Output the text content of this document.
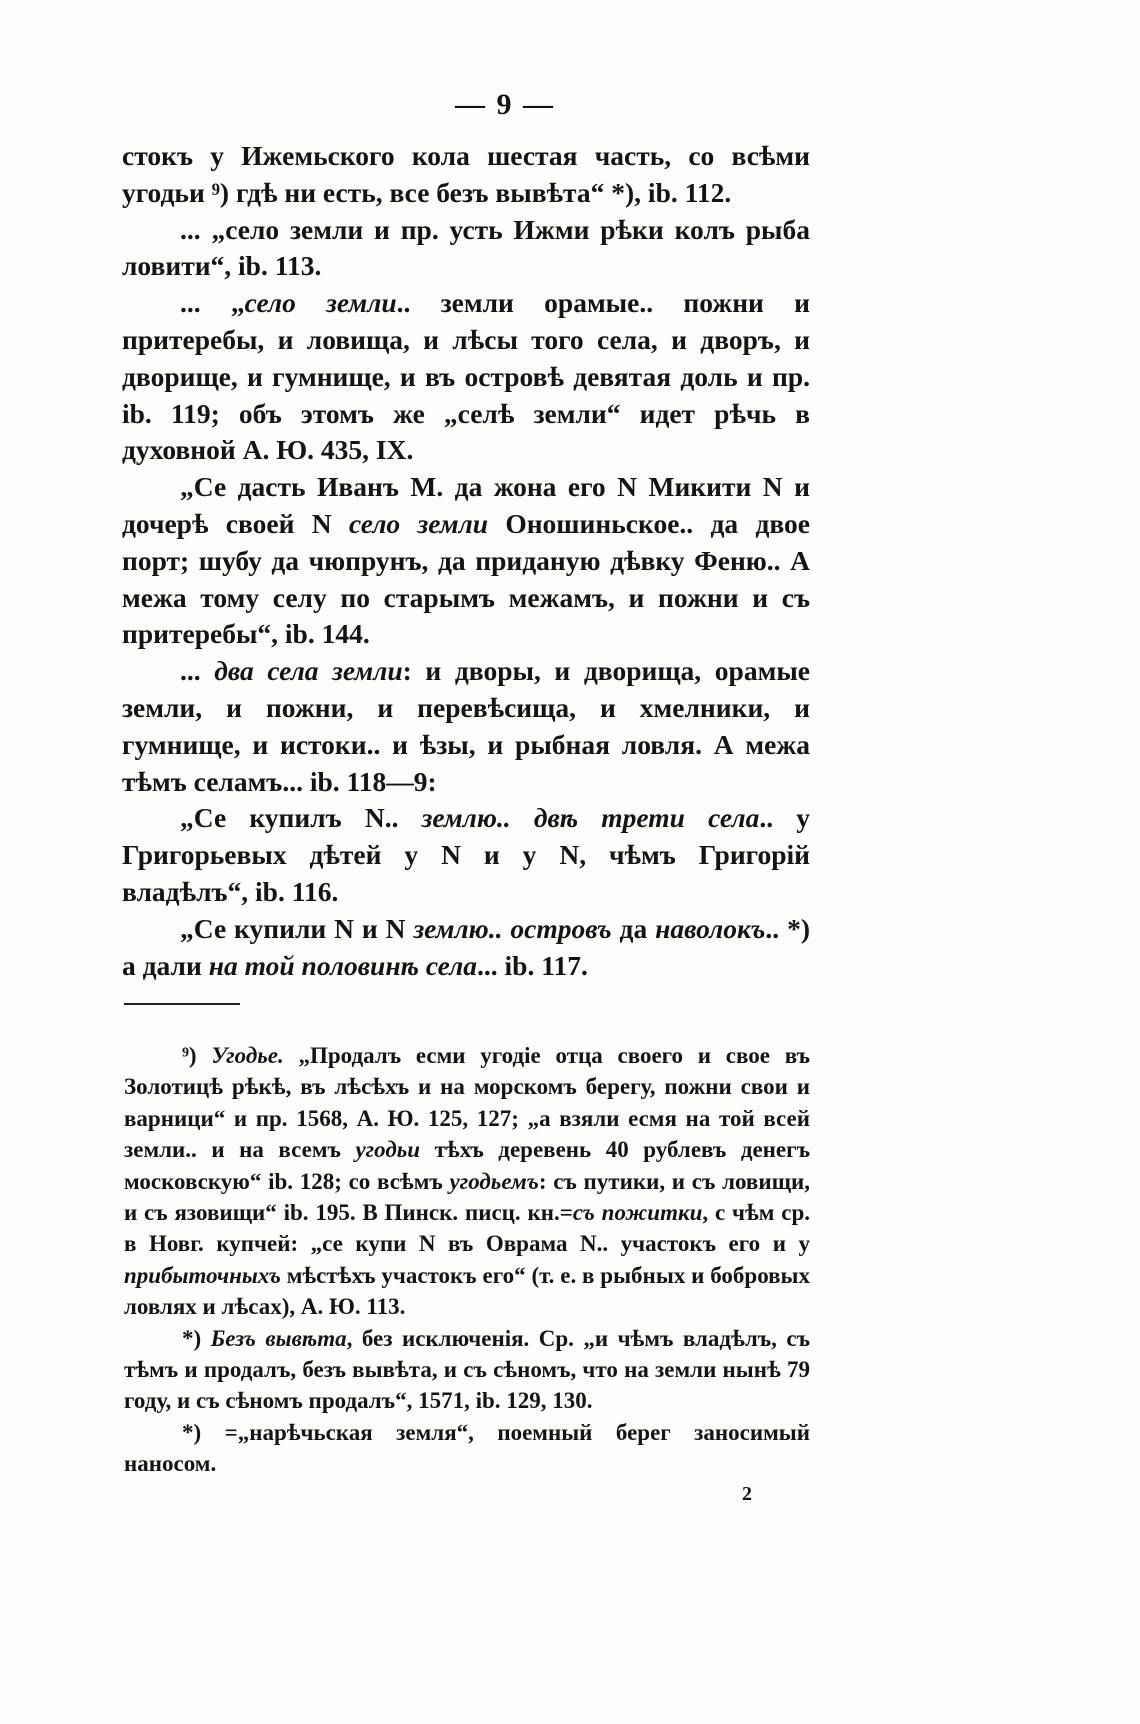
— 9 —

стокъ у Ижемьского кола шестая часть, со всѣми угодьи ⁹) гдѣ ни есть, все безъ вывѣта“ *), ib. 112.

... „село земли и пр. усть Ижми рѣки колъ рыба ловити“, ib. 113.

... „село земли.. земли орамые.. пожни и притеребы, и ловища, и лѣсы того села, и дворъ, и дворище, и гумнище, и въ островѣ девятая доль и пр. ib. 119; объ этомъ же „селѣ земли“ идет рѣчь в духовной А. Ю. 435, IX.

„Се дасть Иванъ М. да жона его N Микити N и дочерѣ своей N село земли Оношиньское.. да двое порт; шубу да чюпрунъ, да приданую дѣвку Феню.. А межа тому селу по старымъ межамъ, и пожни и съ притеребы“, ib. 144.

... два села земли: и дворы, и дворища, орамые земли, и пожни, и перевѣсища, и хмелники, и гумнище, и истоки.. и ѣзы, и рыбная ловля. А межа тѣмъ селамъ... ib. 118—9:

„Се купилъ N.. землю.. двѣ трети села.. у Григорьевых дѣтей у N и у N, чѣмъ Григорій владѣлъ“, ib. 116.

„Се купили N и N землю.. островъ да наволокъ.. *) а дали на той половинѣ села... ib. 117.

⁹) Угодье. „Продалъ есми угодіе отца своего и свое въ Золотицѣ рѣкѣ, въ лѣсѣхъ и на морскомъ берегу, пожни свои и варници“ и пр. 1568, А. Ю. 125, 127; „а взяли есмя на той всей земли.. и на всемъ угодьи тѣхъ деревень 40 рублевъ денегъ московскую“ ib. 128; со всѣмъ угодьемъ: съ путики, и съ ловищи, и съ язовищи“ ib. 195. В Пинск. писц. кн.=съ пожитки, с чѣм ср. в Новг. купчей: „се купи N въ Оврама N.. участокъ его и у прибыточныхъ мѣстѣхъ участокъ его“ (т. е. в рыбных и бобровых ловлях и лѣсах), А. Ю. 113.

*) Безъ вывѣта, без исключенія. Ср. „и чѣмъ владѣлъ, съ тѣмъ и продалъ, безъ вывѣта, и съ сѣномъ, что на земли нынѣ 79 году, и съ сѣномъ продалъ“, 1571, ib. 129, 130.

*) =„нарѣчьская земля“, поемный берег заносимый наносом.

2
